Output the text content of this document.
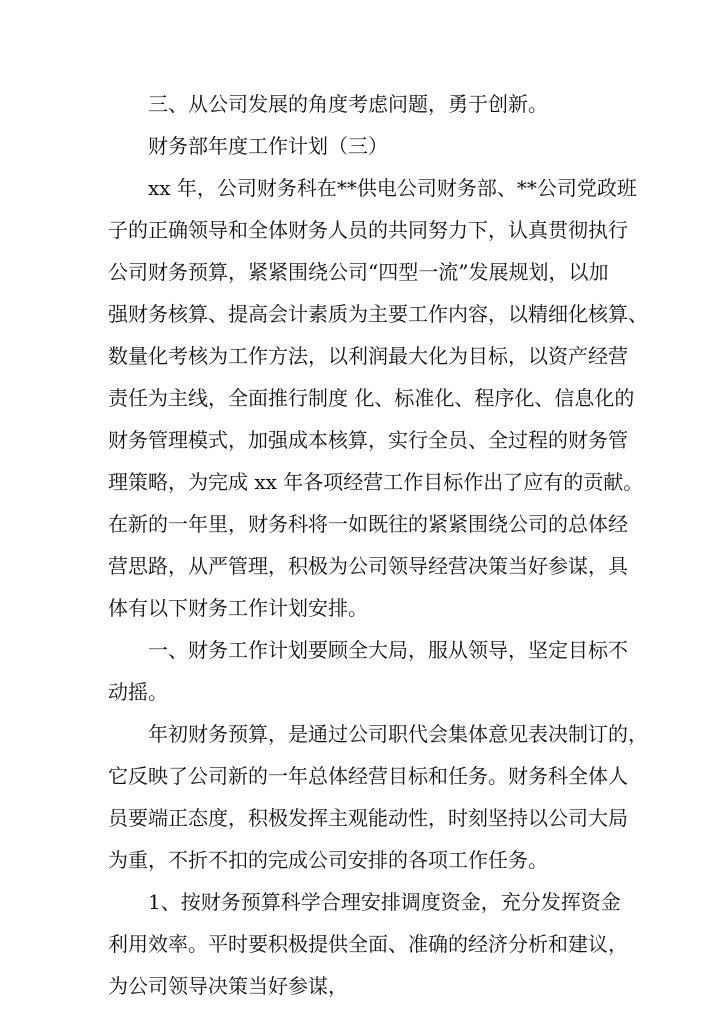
三、从公司发展的角度考虑问题，勇于创新。
财务部年度工作计划（三）
xx 年，公司财务科在**供电公司财务部、**公司党政班
子的正确领导和全体财务人员的共同努力下，认真贯彻执行
公司财务预算，紧紧围绕公司“四型一流”发展规划，以加
强财务核算、提高会计素质为主要工作内容，以精细化核算、
数量化考核为工作方法，以利润最大化为目标，以资产经营
责任为主线，全面推行制度 化、标准化、程序化、信息化的
财务管理模式，加强成本核算，实行全员、全过程的财务管
理策略，为完成 xx 年各项经营工作目标作出了应有的贡献。
在新的一年里，财务科将一如既往的紧紧围绕公司的总体经
营思路，从严管理，积极为公司领导经营决策当好参谋，具
体有以下财务工作计划安排。
一、财务工作计划要顾全大局，服从领导，坚定目标不
动摇。
年初财务预算，是通过公司职代会集体意见表决制订的，
它反映了公司新的一年总体经营目标和任务。财务科全体人
员要端正态度，积极发挥主观能动性，时刻坚持以公司大局
为重，不折不扣的完成公司安排的各项工作任务。
1、按财务预算科学合理安排调度资金，充分发挥资金
利用效率。平时要积极提供全面、准确的经济分析和建议，
为公司领导决策当好参谋，
